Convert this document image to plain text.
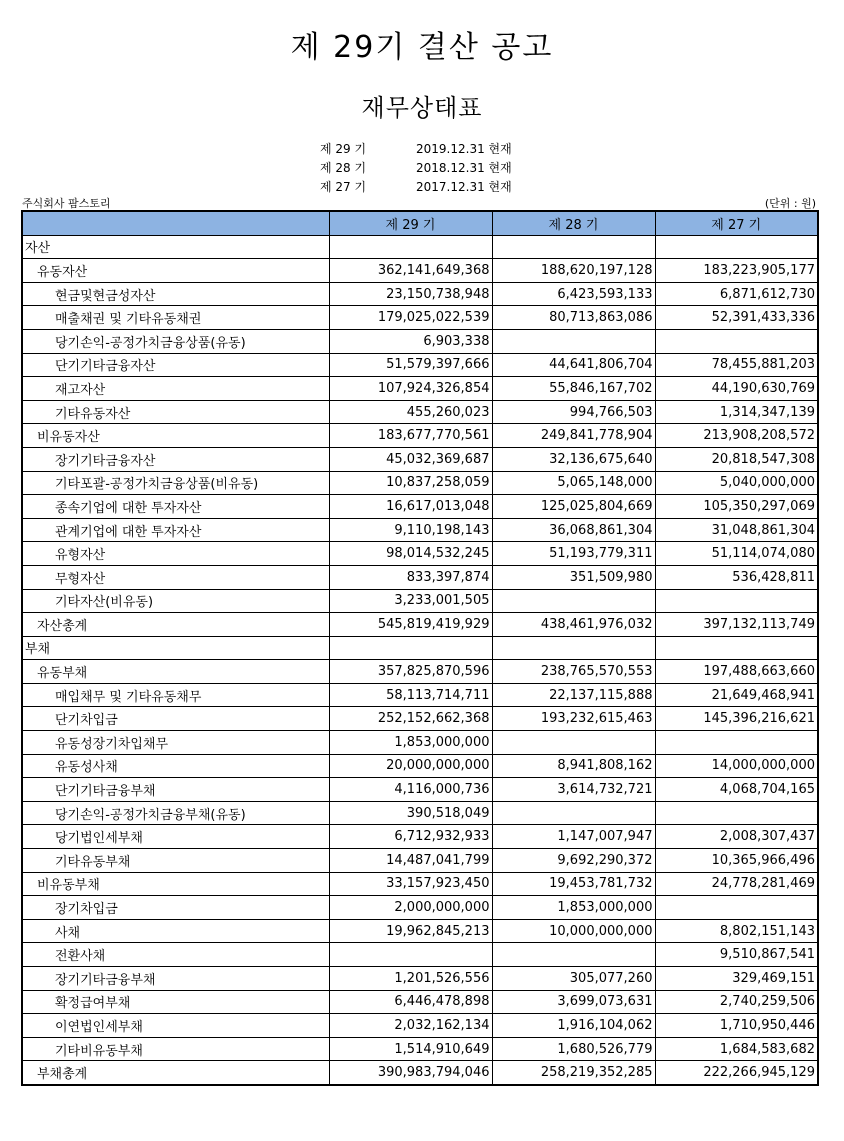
제 29기 결산 공고
재무상태표
제 29 기	2019.12.31 현재
제 28 기	2018.12.31 현재
제 27 기	2017.12.31 현재
주식회사 팜스토리	(단위 : 원)
	제 29 기	제 28 기	제 27 기
자산			
유동자산	362,141,649,368	188,620,197,128	183,223,905,177
현금및현금성자산	23,150,738,948	6,423,593,133	6,871,612,730
매출채권 및 기타유동채권	179,025,022,539	80,713,863,086	52,391,433,336
당기손익-공정가치금융상품(유동)	6,903,338		
단기기타금융자산	51,579,397,666	44,641,806,704	78,455,881,203
재고자산	107,924,326,854	55,846,167,702	44,190,630,769
기타유동자산	455,260,023	994,766,503	1,314,347,139
비유동자산	183,677,770,561	249,841,778,904	213,908,208,572
장기기타금융자산	45,032,369,687	32,136,675,640	20,818,547,308
기타포괄-공정가치금융상품(비유동)	10,837,258,059	5,065,148,000	5,040,000,000
종속기업에 대한 투자자산	16,617,013,048	125,025,804,669	105,350,297,069
관계기업에 대한 투자자산	9,110,198,143	36,068,861,304	31,048,861,304
유형자산	98,014,532,245	51,193,779,311	51,114,074,080
무형자산	833,397,874	351,509,980	536,428,811
기타자산(비유동)	3,233,001,505		
자산총계	545,819,419,929	438,461,976,032	397,132,113,749
부채			
유동부채	357,825,870,596	238,765,570,553	197,488,663,660
매입채무 및 기타유동채무	58,113,714,711	22,137,115,888	21,649,468,941
단기차입금	252,152,662,368	193,232,615,463	145,396,216,621
유동성장기차입채무	1,853,000,000		
유동성사채	20,000,000,000	8,941,808,162	14,000,000,000
단기기타금융부채	4,116,000,736	3,614,732,721	4,068,704,165
당기손익-공정가치금융부채(유동)	390,518,049		
당기법인세부채	6,712,932,933	1,147,007,947	2,008,307,437
기타유동부채	14,487,041,799	9,692,290,372	10,365,966,496
비유동부채	33,157,923,450	19,453,781,732	24,778,281,469
장기차입금	2,000,000,000	1,853,000,000	
사채	19,962,845,213	10,000,000,000	8,802,151,143
전환사채			9,510,867,541
장기기타금융부채	1,201,526,556	305,077,260	329,469,151
확정급여부채	6,446,478,898	3,699,073,631	2,740,259,506
이연법인세부채	2,032,162,134	1,916,104,062	1,710,950,446
기타비유동부채	1,514,910,649	1,680,526,779	1,684,583,682
부채총계	390,983,794,046	258,219,352,285	222,266,945,129
